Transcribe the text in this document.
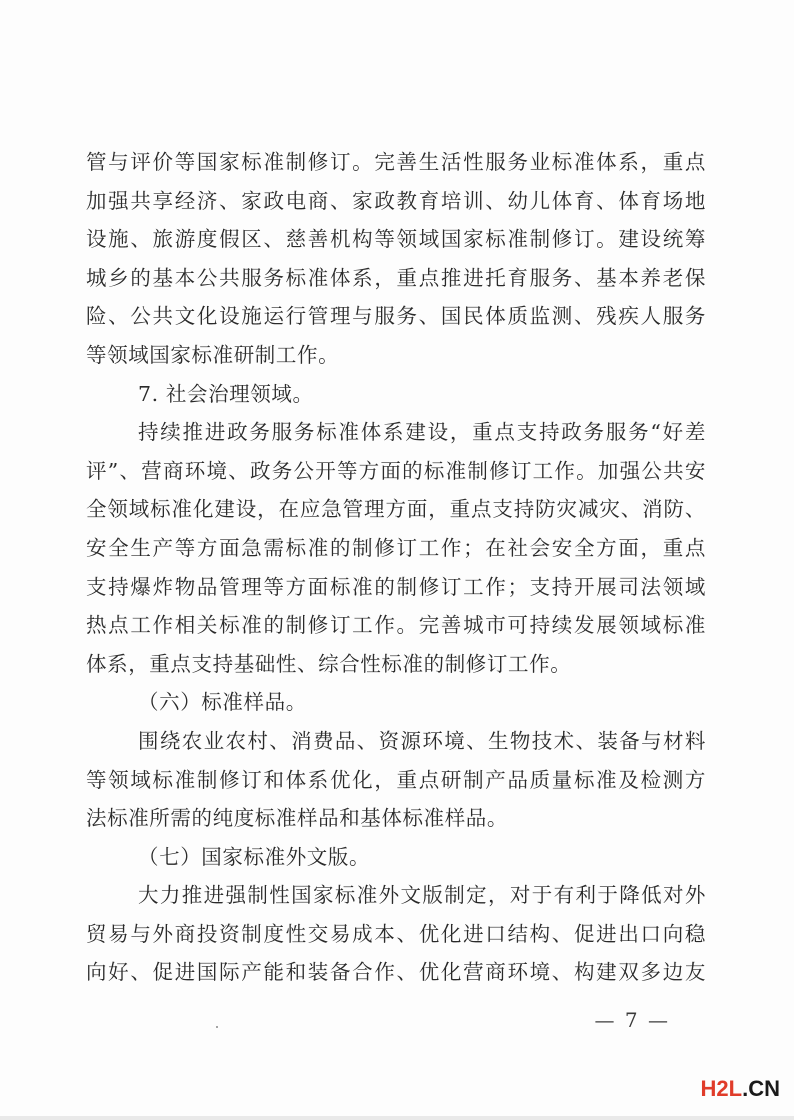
管与评价等国家标准制修订。完善生活性服务业标准体系，重点
加强共享经济、家政电商、家政教育培训、幼儿体育、体育场地
设施、旅游度假区、慈善机构等领域国家标准制修订。建设统筹
城乡的基本公共服务标准体系，重点推进托育服务、基本养老保
险、公共文化设施运行管理与服务、国民体质监测、残疾人服务
等领域国家标准研制工作。
7. 社会治理领域。
持续推进政务服务标准体系建设，重点支持政务服务“好差
评”、营商环境、政务公开等方面的标准制修订工作。加强公共安
全领域标准化建设，在应急管理方面，重点支持防灾减灾、消防、
安全生产等方面急需标准的制修订工作；在社会安全方面，重点
支持爆炸物品管理等方面标准的制修订工作；支持开展司法领域
热点工作相关标准的制修订工作。完善城市可持续发展领域标准
体系，重点支持基础性、综合性标准的制修订工作。
（六）标准样品。
围绕农业农村、消费品、资源环境、生物技术、装备与材料
等领域标准制修订和体系优化，重点研制产品质量标准及检测方
法标准所需的纯度标准样品和基体标准样品。
（七）国家标准外文版。
大力推进强制性国家标准外文版制定，对于有利于降低对外
贸易与外商投资制度性交易成本、优化进口结构、促进出口向稳
向好、促进国际产能和装备合作、优化营商环境、构建双多边友
— 7 —
H2L.CN
